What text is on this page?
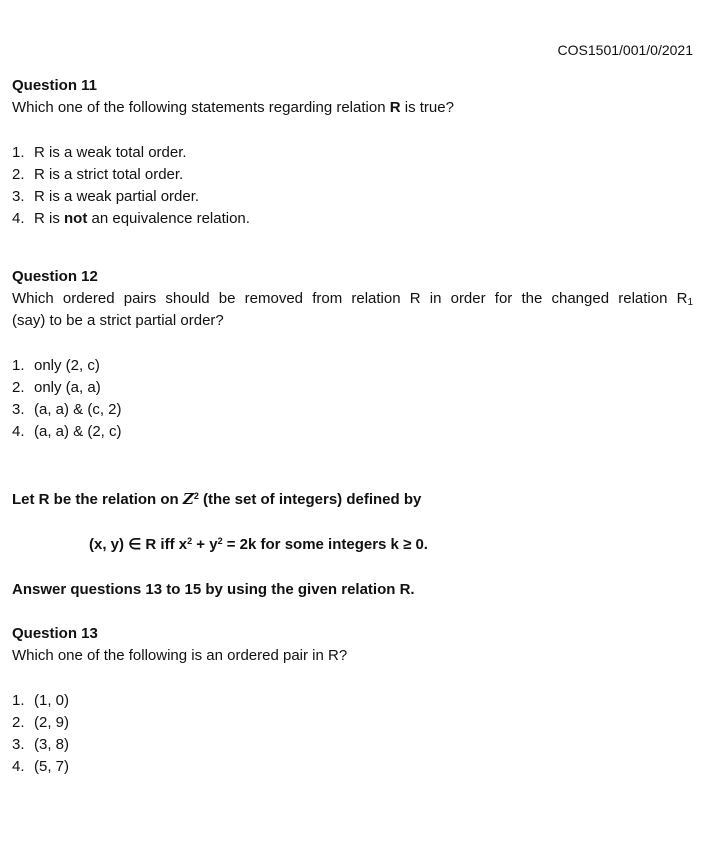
COS1501/001/0/2021
Question 11
Which one of the following statements regarding relation R is true?
1. R is a weak total order.
2. R is a strict total order.
3. R is a weak partial order.
4. R is not an equivalence relation.
Question 12
Which ordered pairs should be removed from relation R in order for the changed relation $R_1$
(say) to be a strict partial order?
1. only (2, c)
2. only (a, a)
3. (a, a) & (c, 2)
4. (a, a) & (2, c)
Let R be the relation on $Z^2$ (the set of integers) defined by
(x, y) ∈ R iff $x^2 + y^2 = 2k$ for some integers k ≥ 0.
Answer questions 13 to 15 by using the given relation R.
Question 13
Which one of the following is an ordered pair in R?
1. (1, 0)
2. (2, 9)
3. (3, 8)
4. (5, 7)
